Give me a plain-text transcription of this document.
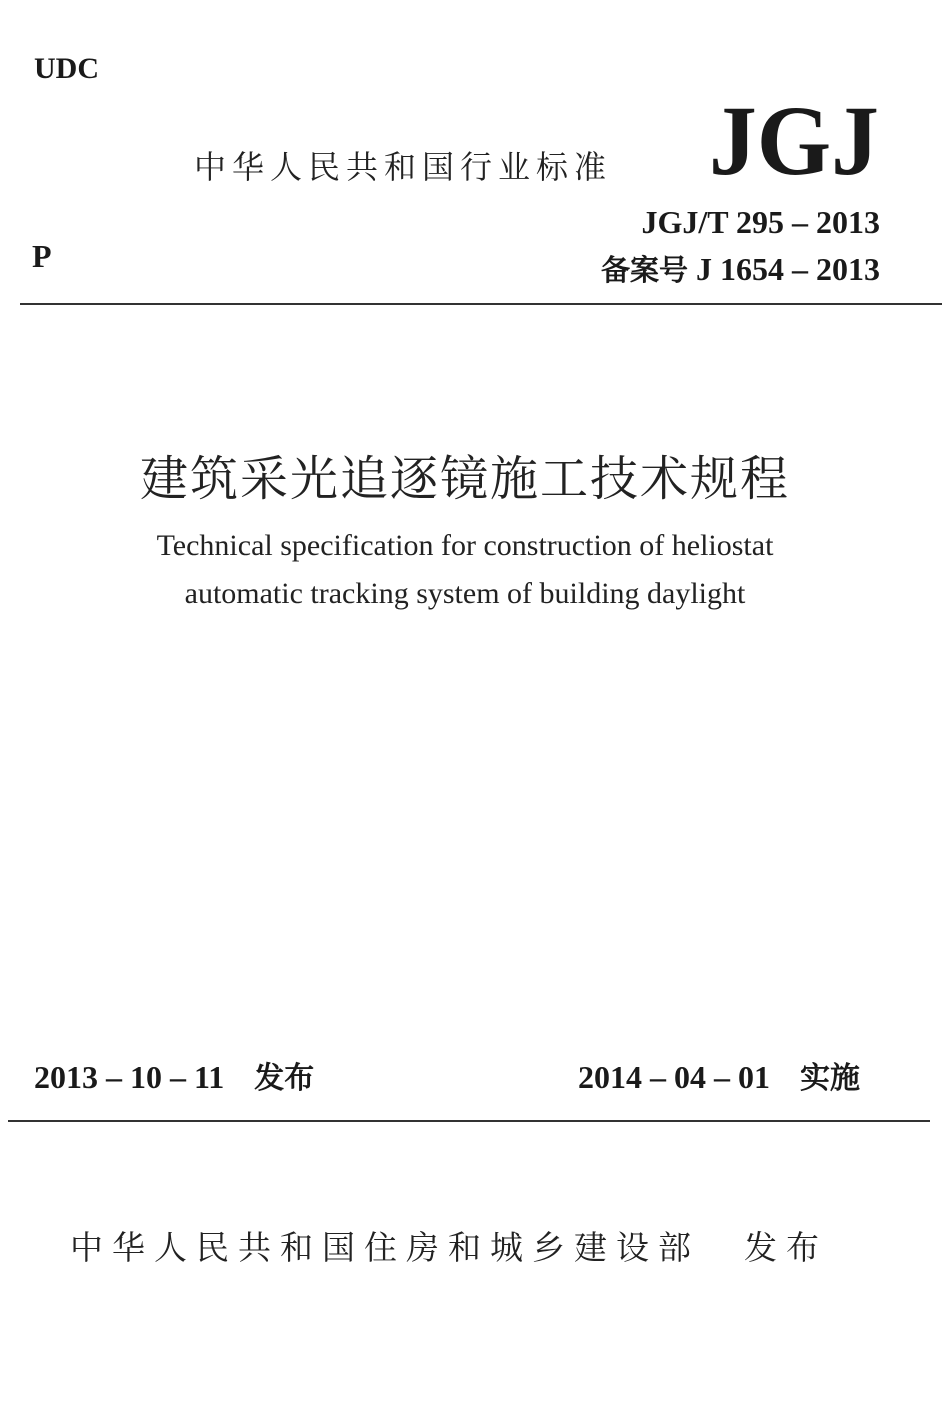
UDC
P
中华人民共和国行业标准 JGJ
JGJ/T 295 – 2013
备案号 J 1654 – 2013
建筑采光追逐镜施工技术规程
Technical specification for construction of heliostat
automatic tracking system of building daylight
2013 – 10 – 11 发布	2014 – 04 – 01 实施
中华人民共和国住房和城乡建设部 发布
